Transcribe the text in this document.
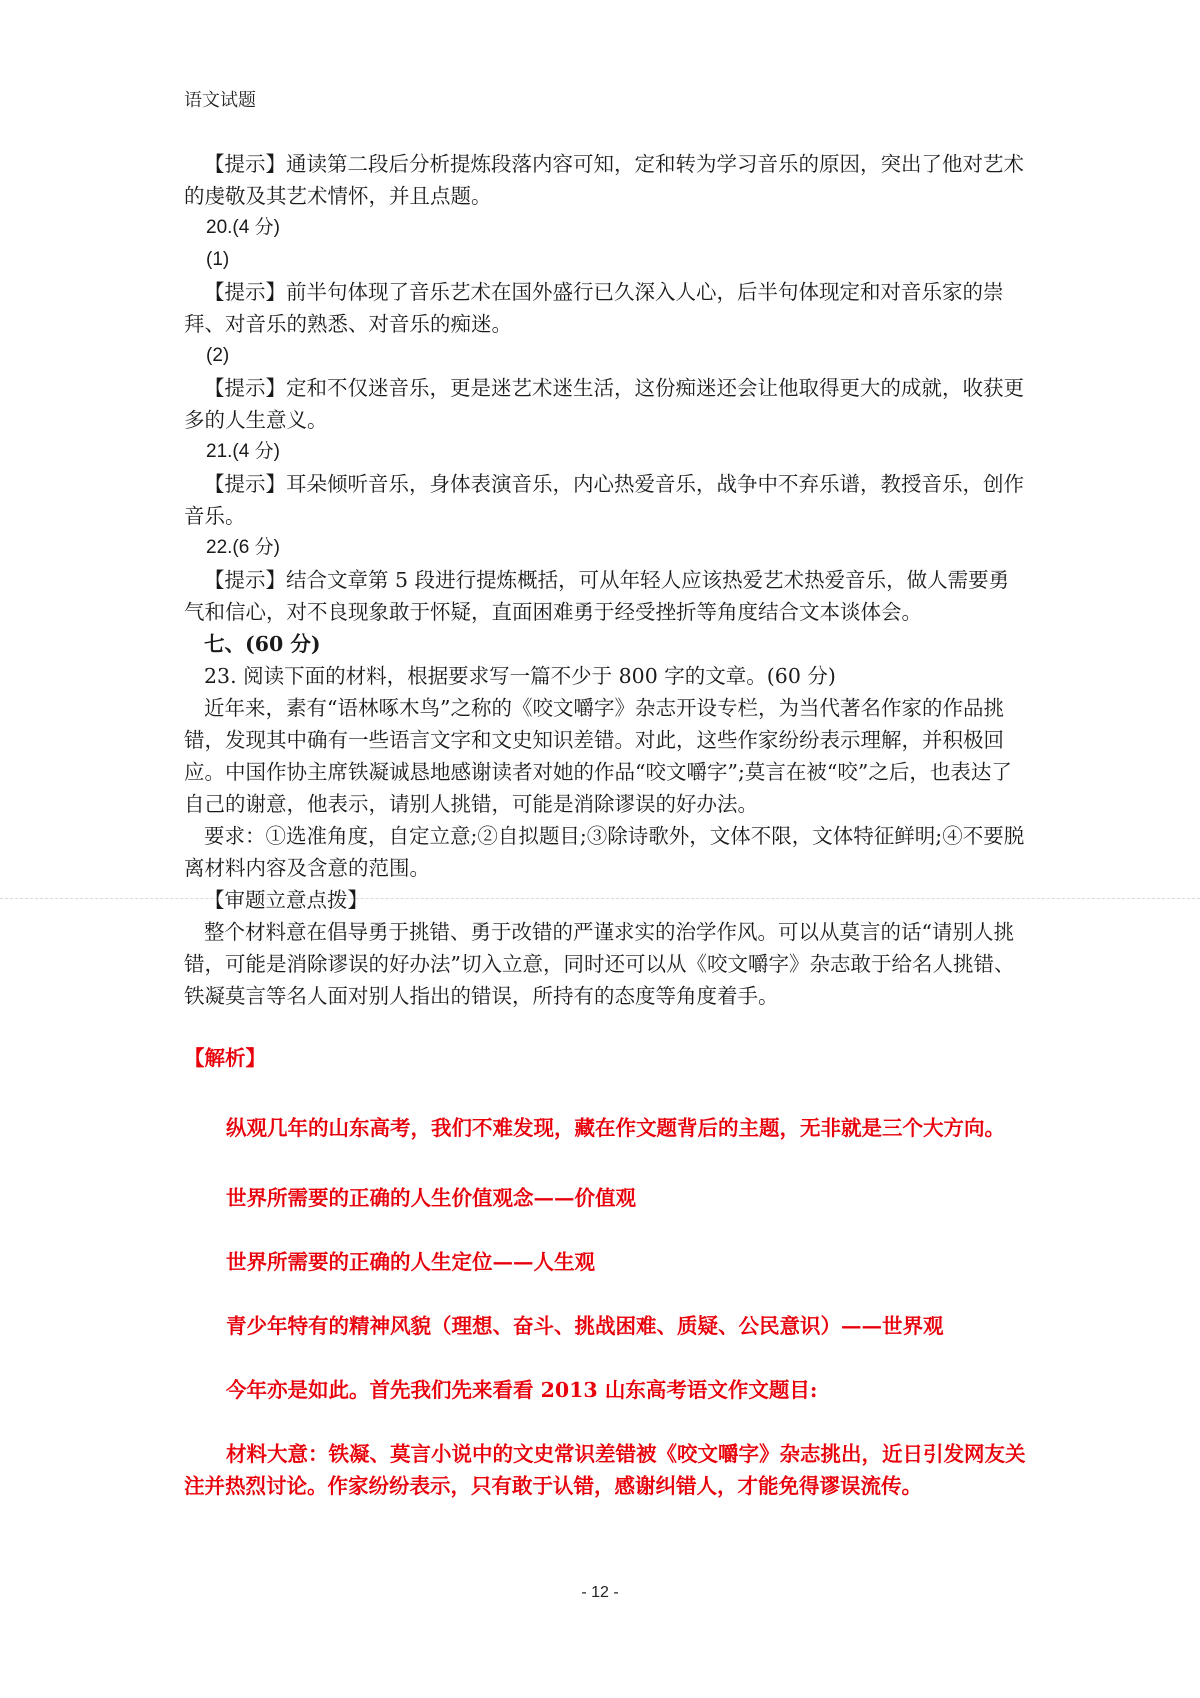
语文试题

【提示】通读第二段后分析提炼段落内容可知，定和转为学习音乐的原因，突出了他对艺术的虔敬及其艺术情怀，并且点题。

20.(4 分)

(1)

【提示】前半句体现了音乐艺术在国外盛行已久深入人心，后半句体现定和对音乐家的崇拜、对音乐的熟悉、对音乐的痴迷。

(2)

【提示】定和不仅迷音乐，更是迷艺术迷生活，这份痴迷还会让他取得更大的成就，收获更多的人生意义。

21.(4 分)

【提示】耳朵倾听音乐，身体表演音乐，内心热爱音乐，战争中不弃乐谱，教授音乐，创作音乐。

22.(6 分)

【提示】结合文章第 5 段进行提炼概括，可从年轻人应该热爱艺术热爱音乐，做人需要勇气和信心，对不良现象敢于怀疑，直面困难勇于经受挫折等角度结合文本谈体会。

七、(60 分)

23. 阅读下面的材料，根据要求写一篇不少于 800 字的文章。(60 分)

近年来，素有“语林啄木鸟”之称的《咬文嚼字》杂志开设专栏，为当代著名作家的作品挑错，发现其中确有一些语言文字和文史知识差错。对此，这些作家纷纷表示理解，并积极回应。中国作协主席铁凝诚恳地感谢读者对她的作品“咬文嚼字”;莫言在被“咬”之后，也表达了自己的谢意，他表示，请别人挑错，可能是消除谬误的好办法。

要求：①选准角度，自定立意;②自拟题目;③除诗歌外，文体不限，文体特征鲜明;④不要脱离材料内容及含意的范围。

【审题立意点拨】

整个材料意在倡导勇于挑错、勇于改错的严谨求实的治学作风。可以从莫言的话“请别人挑错，可能是消除谬误的好办法”切入立意，同时还可以从《咬文嚼字》杂志敢于给名人挑错、铁凝莫言等名人面对别人指出的错误，所持有的态度等角度着手。

【解析】

纵观几年的山东高考，我们不难发现，藏在作文题背后的主题，无非就是三个大方向。

世界所需要的正确的人生价值观念——价值观

世界所需要的正确的人生定位——人生观

青少年特有的精神风貌（理想、奋斗、挑战困难、质疑、公民意识）——世界观

今年亦是如此。首先我们先来看看 2013 山东高考语文作文题目:

材料大意：铁凝、莫言小说中的文史常识差错被《咬文嚼字》杂志挑出，近日引发网友关注并热烈讨论。作家纷纷表示，只有敢于认错，感谢纠错人，才能免得谬误流传。

- 12 -
